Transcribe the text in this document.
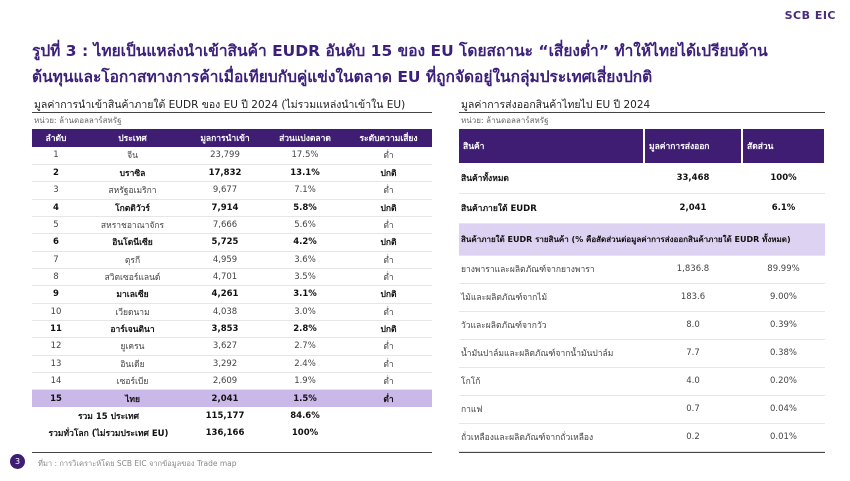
SCB EIC
รูปที่ 3 : ไทยเป็นแหล่งนำเข้าสินค้า EUDR อันดับ 15 ของ EU โดยสถานะ “เสี่ยงต่ำ” ทำให้ไทยได้เปรียบด้าน
ต้นทุนและโอกาสทางการค้าเมื่อเทียบกับคู่แข่งในตลาด EU ที่ถูกจัดอยู่ในกลุ่มประเทศเสี่ยงปกติ
มูลค่าการนำเข้าสินค้าภายใต้ EUDR ของ EU ปี 2024 (ไม่รวมแหล่งนำเข้าใน EU)
หน่วย: ล้านดอลลาร์สหรัฐ
ลำดับ	ประเทศ	มูลการนำเข้า	ส่วนแบ่งตลาด	ระดับความเสี่ยง
1	จีน	23,799	17.5%	ต่ำ
2	บราซิล	17,832	13.1%	ปกติ
3	สหรัฐอเมริกา	9,677	7.1%	ต่ำ
4	โกตดิวัวร์	7,914	5.8%	ปกติ
5	สหราชอาณาจักร	7,666	5.6%	ต่ำ
6	อินโดนีเซีย	5,725	4.2%	ปกติ
7	ตุรกี	4,959	3.6%	ต่ำ
8	สวิตเซอร์แลนด์	4,701	3.5%	ต่ำ
9	มาเลเซีย	4,261	3.1%	ปกติ
10	เวียดนาม	4,038	3.0%	ต่ำ
11	อาร์เจนตินา	3,853	2.8%	ปกติ
12	ยูเครน	3,627	2.7%	ต่ำ
13	อินเดีย	3,292	2.4%	ต่ำ
14	เซอร์เบีย	2,609	1.9%	ต่ำ
15	ไทย	2,041	1.5%	ต่ำ
รวม 15 ประเทศ		115,177	84.6%	
รวมทั่วโลก (ไม่รวมประเทศ EU)		136,166	100%	
มูลค่าการส่งออกสินค้าไทยไป EU ปี 2024
หน่วย: ล้านดอลลาร์สหรัฐ
สินค้า	มูลค่าการส่งออก	สัดส่วน
สินค้าทั้งหมด	33,468	100%
สินค้าภายใต้ EUDR	2,041	6.1%
สินค้าภายใต้ EUDR รายสินค้า (% คือสัดส่วนต่อมูลค่าการส่งออกสินค้าภายใต้ EUDR ทั้งหมด)		
ยางพาราและผลิตภัณฑ์จากยางพารา	1,836.8	89.99%
ไม้และผลิตภัณฑ์จากไม้	183.6	9.00%
วัวและผลิตภัณฑ์จากวัว	8.0	0.39%
น้ำมันปาล์มและผลิตภัณฑ์จากน้ำมันปาล์ม	7.7	0.38%
โกโก้	4.0	0.20%
กาแฟ	0.7	0.04%
ถั่วเหลืองและผลิตภัณฑ์จากถั่วเหลือง	0.2	0.01%
3	ที่มา : การวิเคราะห์โดย SCB EIC จากข้อมูลของ Trade map
